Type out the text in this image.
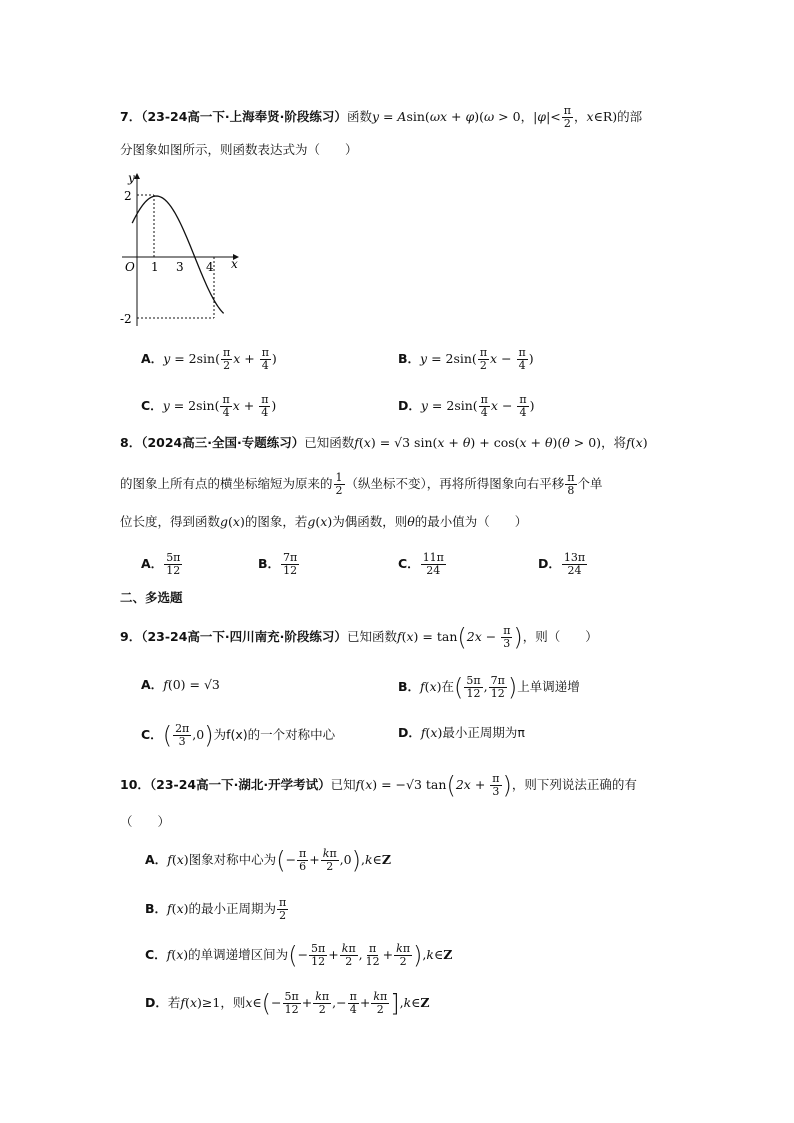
7．（23-24高一下·上海奉贤·阶段练习）函数y = Asin(ωx + φ)(ω > 0，$|\varphi|< \frac{\pi}{2}$ ，x∈R)的部
分图象如图所示，则函数表达式为（　　）
y
x
O
2
-2
1 3 4
A．$y = 2\sin( \frac{\pi}{2}$ $x + \frac{\pi}{4}$ )	B．$y = 2\sin( \frac{\pi}{2}$ $x - \frac{\pi}{4}$ )
C．$y = 2\sin( \frac{\pi}{4}$ $x + \frac{\pi}{4}$ )	D．$y = 2\sin( \frac{\pi}{4}$ $x - \frac{\pi}{4}$ )
8．（2024高三·全国·专题练习）已知函数f(x) = √3 sin(x + θ) + cos(x + θ)(θ > 0)，将f(x)
的图象上所有点的横坐标缩短为原来的 $\frac{1}{2}$ （纵坐标不变），再将所得图象向右平移 $\frac{\pi}{8}$ 个单
位长度，得到函数g(x)的图象，若g(x)为偶函数，则θ的最小值为（　　）
A． $\frac{5\pi}{12}$	B． $\frac{7\pi}{12}$	C． $\frac{11\pi}{24}$	D． $\frac{13\pi}{24}$
二、多选题
9．（23-24高一下·四川南充·阶段练习）已知函数$f(x) = \tan(2x - \frac{\pi}{3}$ )，则（　　）
A．f(0) = √3	B．f(x)在( $\frac{5\pi}{12}$ , $\frac{7\pi}{12}$ )上单调递增
C．( $\frac{2\pi}{3} ,0$)为f(x)的一个对称中心	D．f(x)最小正周期为π
10．（23-24高一下·湖北·开学考试）已知f(x) = −√3 $\tan(2x + \frac{\pi}{3}$ )，则下列说法正确的有
（　　）
A．f(x)图象对称中心为(− $\frac{\pi}{6} + \frac{k\pi}{2}$ ,0),k∈Z
B．f(x)的最小正周期为 $\frac{\pi}{2}$
C．f(x)的单调递增区间为(− $\frac{5\pi}{12} + \frac{k\pi}{2}$ , $\frac{\pi}{12} + \frac{k\pi}{2}$ ),k∈Z
D．若f(x)≥1，则x∈(− $\frac{5\pi}{12} + \frac{k\pi}{2}$ ,− $\frac{\pi}{4} + \frac{k\pi}{2}$ ],k∈Z
